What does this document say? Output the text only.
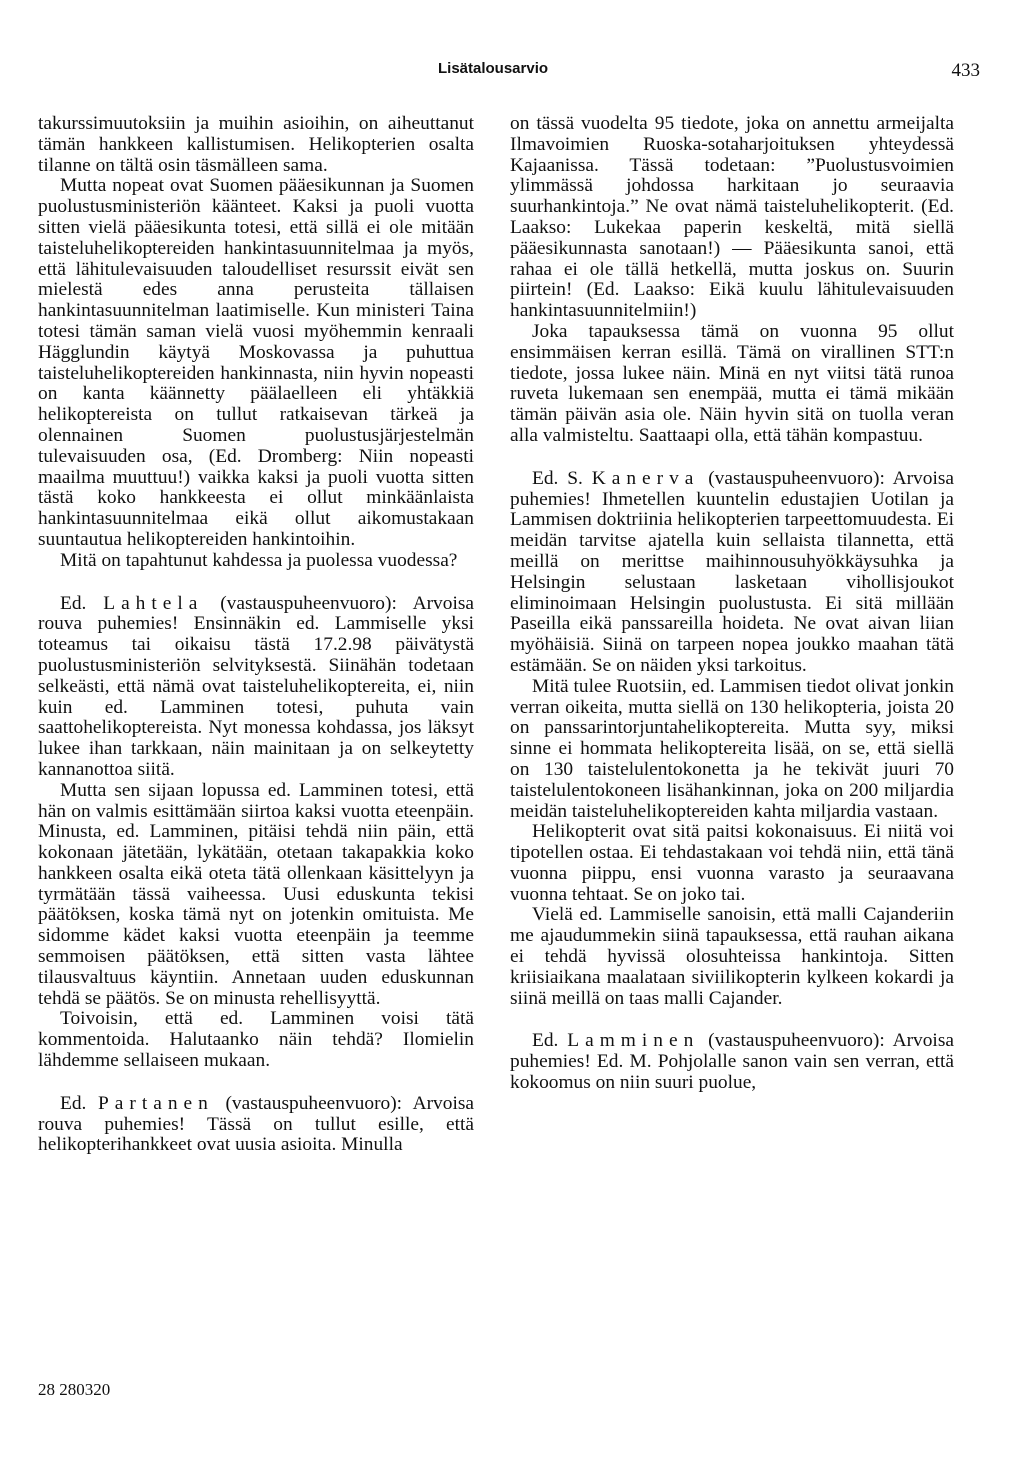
Lisätalousarvio	433

takurssimuutoksiin ja muihin asioihin, on aiheuttanut tämän hankkeen kallistumisen. Helikopterien osalta tilanne on tältä osin täsmälleen sama.

Mutta nopeat ovat Suomen pääesikunnan ja Suomen puolustusministeriön käänteet. Kaksi ja puoli vuotta sitten vielä pääesikunta totesi, että sillä ei ole mitään taisteluhelikoptereiden hankintasuunnitelmaa ja myös, että lähitulevaisuuden taloudelliset resurssit eivät sen mielestä edes anna perusteita tällaisen hankintasuunnitelman laatimiselle. Kun ministeri Taina totesi tämän saman vielä vuosi myöhemmin kenraali Hägglundin käytyä Moskovassa ja puhuttua taisteluhelikoptereiden hankinnasta, niin hyvin nopeasti on kanta käännetty päälaelleen eli yhtäkkiä helikoptereista on tullut ratkaisevan tärkeä ja olennainen Suomen puolustusjärjestelmän tulevaisuuden osa, (Ed. Dromberg: Niin nopeasti maailma muuttuu!) vaikka kaksi ja puoli vuotta sitten tästä koko hankkeesta ei ollut minkäänlaista hankintasuunnitelmaa eikä ollut aikomustakaan suuntautua helikoptereiden hankintoihin.

Mitä on tapahtunut kahdessa ja puolessa vuodessa?

Ed. Lahtela (vastauspuheenvuoro): Arvoisa rouva puhemies! Ensinnäkin ed. Lammiselle yksi toteamus tai oikaisu tästä 17.2.98 päivätystä puolustusministeriön selvityksestä. Siinähän todetaan selkeästi, että nämä ovat taisteluhelikoptereita, ei, niin kuin ed. Lamminen totesi, puhuta vain saattohelikoptereista. Nyt monessa kohdassa, jos läksyt lukee ihan tarkkaan, näin mainitaan ja on selkeytetty kannanottoa siitä.

Mutta sen sijaan lopussa ed. Lamminen totesi, että hän on valmis esittämään siirtoa kaksi vuotta eteenpäin. Minusta, ed. Lamminen, pitäisi tehdä niin päin, että kokonaan jätetään, lykätään, otetaan takapakkia koko hankkeen osalta eikä oteta tätä ollenkaan käsittelyyn ja tyrmätään tässä vaiheessa. Uusi eduskunta tekisi päätöksen, koska tämä nyt on jotenkin omituista. Me sidomme kädet kaksi vuotta eteenpäin ja teemme semmoisen päätöksen, että sitten vasta lähtee tilausvaltuus käyntiin. Annetaan uuden eduskunnan tehdä se päätös. Se on minusta rehellisyyttä.

Toivoisin, että ed. Lamminen voisi tätä kommentoida. Halutaanko näin tehdä? Ilomielin lähdemme sellaiseen mukaan.

Ed. Partanen (vastauspuheenvuoro): Arvoisa rouva puhemies! Tässä on tullut esille, että helikopterihankkeet ovat uusia asioita. Minulla

on tässä vuodelta 95 tiedote, joka on annettu armeijalta Ilmavoimien Ruoska-sotaharjoituksen yhteydessä Kajaanissa. Tässä todetaan: ”Puolustusvoimien ylimmässä johdossa harkitaan jo seuraavia suurhankintoja.” Ne ovat nämä taisteluhelikopterit. (Ed. Laakso: Lukekaa paperin keskeltä, mitä siellä pääesikunnasta sanotaan!) — Pääesikunta sanoi, että rahaa ei ole tällä hetkellä, mutta joskus on. Suurin piirtein! (Ed. Laakso: Eikä kuulu lähitulevaisuuden hankintasuunnitelmiin!)

Joka tapauksessa tämä on vuonna 95 ollut ensimmäisen kerran esillä. Tämä on virallinen STT:n tiedote, jossa lukee näin. Minä en nyt viitsi tätä runoa ruveta lukemaan sen enempää, mutta ei tämä mikään tämän päivän asia ole. Näin hyvin sitä on tuolla veran alla valmisteltu. Saattaapi olla, että tähän kompastuu.

Ed. S. Kanerva (vastauspuheenvuoro): Arvoisa puhemies! Ihmetellen kuuntelin edustajien Uotilan ja Lammisen doktriinia helikopterien tarpeettomuudesta. Ei meidän tarvitse ajatella kuin sellaista tilannetta, että meillä on merittse maihinnousuhyökkäysuhka ja Helsingin selustaan lasketaan vihollisjoukot eliminoimaan Helsingin puolustusta. Ei sitä millään Paseilla eikä panssareilla hoideta. Ne ovat aivan liian myöhäisiä. Siinä on tarpeen nopea joukko maahan tätä estämään. Se on näiden yksi tarkoitus.

Mitä tulee Ruotsiin, ed. Lammisen tiedot olivat jonkin verran oikeita, mutta siellä on 130 helikopteria, joista 20 on panssarintorjuntahelikoptereita. Mutta syy, miksi sinne ei hommata helikoptereita lisää, on se, että siellä on 130 taistelulentokonetta ja he tekivät juuri 70 taistelulentokoneen lisähankinnan, joka on 200 miljardia meidän taisteluhelikoptereiden kahta miljardia vastaan.

Helikopterit ovat sitä paitsi kokonaisuus. Ei niitä voi tipotellen ostaa. Ei tehdastakaan voi tehdä niin, että tänä vuonna piippu, ensi vuonna varasto ja seuraavana vuonna tehtaat. Se on joko tai.

Vielä ed. Lammiselle sanoisin, että malli Cajanderiin me ajaudummekin siinä tapauksessa, että rauhan aikana ei tehdä hyvissä olosuhteissa hankintoja. Sitten kriisiaikana maalataan siviilikopterin kylkeen kokardi ja siinä meillä on taas malli Cajander.

Ed. Lamminen (vastauspuheenvuoro): Arvoisa puhemies! Ed. M. Pohjolalle sanon vain sen verran, että kokoomus on niin suuri puolue,

28 280320
